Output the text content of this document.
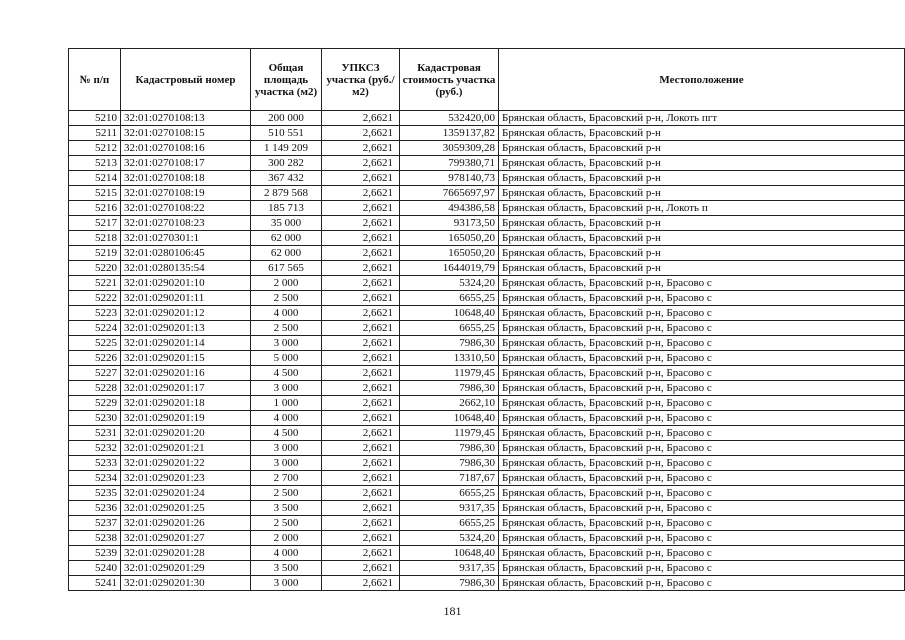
№ п/п	Кадастровый номер	Общая площадь участка (м2)	УПКСЗ участка (руб./м2)	Кадастровая стоимость участка (руб.)	Местоположение
5210	32:01:0270108:13	200 000	2,6621	532420,00	Брянская область, Брасовский р-н, Локоть пгт
5211	32:01:0270108:15	510 551	2,6621	1359137,82	Брянская область, Брасовский р-н
5212	32:01:0270108:16	1 149 209	2,6621	3059309,28	Брянская область, Брасовский р-н
5213	32:01:0270108:17	300 282	2,6621	799380,71	Брянская область, Брасовский р-н
5214	32:01:0270108:18	367 432	2,6621	978140,73	Брянская область, Брасовский р-н
5215	32:01:0270108:19	2 879 568	2,6621	7665697,97	Брянская область, Брасовский р-н
5216	32:01:0270108:22	185 713	2,6621	494386,58	Брянская область, Брасовский р-н, Локоть п
5217	32:01:0270108:23	35 000	2,6621	93173,50	Брянская область, Брасовский р-н
5218	32:01:0270301:1	62 000	2,6621	165050,20	Брянская область, Брасовский р-н
5219	32:01:0280106:45	62 000	2,6621	165050,20	Брянская область, Брасовский р-н
5220	32:01:0280135:54	617 565	2,6621	1644019,79	Брянская область, Брасовский р-н
5221	32:01:0290201:10	2 000	2,6621	5324,20	Брянская область, Брасовский р-н, Брасово с
5222	32:01:0290201:11	2 500	2,6621	6655,25	Брянская область, Брасовский р-н, Брасово с
5223	32:01:0290201:12	4 000	2,6621	10648,40	Брянская область, Брасовский р-н, Брасово с
5224	32:01:0290201:13	2 500	2,6621	6655,25	Брянская область, Брасовский р-н, Брасово с
5225	32:01:0290201:14	3 000	2,6621	7986,30	Брянская область, Брасовский р-н, Брасово с
5226	32:01:0290201:15	5 000	2,6621	13310,50	Брянская область, Брасовский р-н, Брасово с
5227	32:01:0290201:16	4 500	2,6621	11979,45	Брянская область, Брасовский р-н, Брасово с
5228	32:01:0290201:17	3 000	2,6621	7986,30	Брянская область, Брасовский р-н, Брасово с
5229	32:01:0290201:18	1 000	2,6621	2662,10	Брянская область, Брасовский р-н, Брасово с
5230	32:01:0290201:19	4 000	2,6621	10648,40	Брянская область, Брасовский р-н, Брасово с
5231	32:01:0290201:20	4 500	2,6621	11979,45	Брянская область, Брасовский р-н, Брасово с
5232	32:01:0290201:21	3 000	2,6621	7986,30	Брянская область, Брасовский р-н, Брасово с
5233	32:01:0290201:22	3 000	2,6621	7986,30	Брянская область, Брасовский р-н, Брасово с
5234	32:01:0290201:23	2 700	2,6621	7187,67	Брянская область, Брасовский р-н, Брасово с
5235	32:01:0290201:24	2 500	2,6621	6655,25	Брянская область, Брасовский р-н, Брасово с
5236	32:01:0290201:25	3 500	2,6621	9317,35	Брянская область, Брасовский р-н, Брасово с
5237	32:01:0290201:26	2 500	2,6621	6655,25	Брянская область, Брасовский р-н, Брасово с
5238	32:01:0290201:27	2 000	2,6621	5324,20	Брянская область, Брасовский р-н, Брасово с
5239	32:01:0290201:28	4 000	2,6621	10648,40	Брянская область, Брасовский р-н, Брасово с
5240	32:01:0290201:29	3 500	2,6621	9317,35	Брянская область, Брасовский р-н, Брасово с
5241	32:01:0290201:30	3 000	2,6621	7986,30	Брянская область, Брасовский р-н, Брасово с
181
